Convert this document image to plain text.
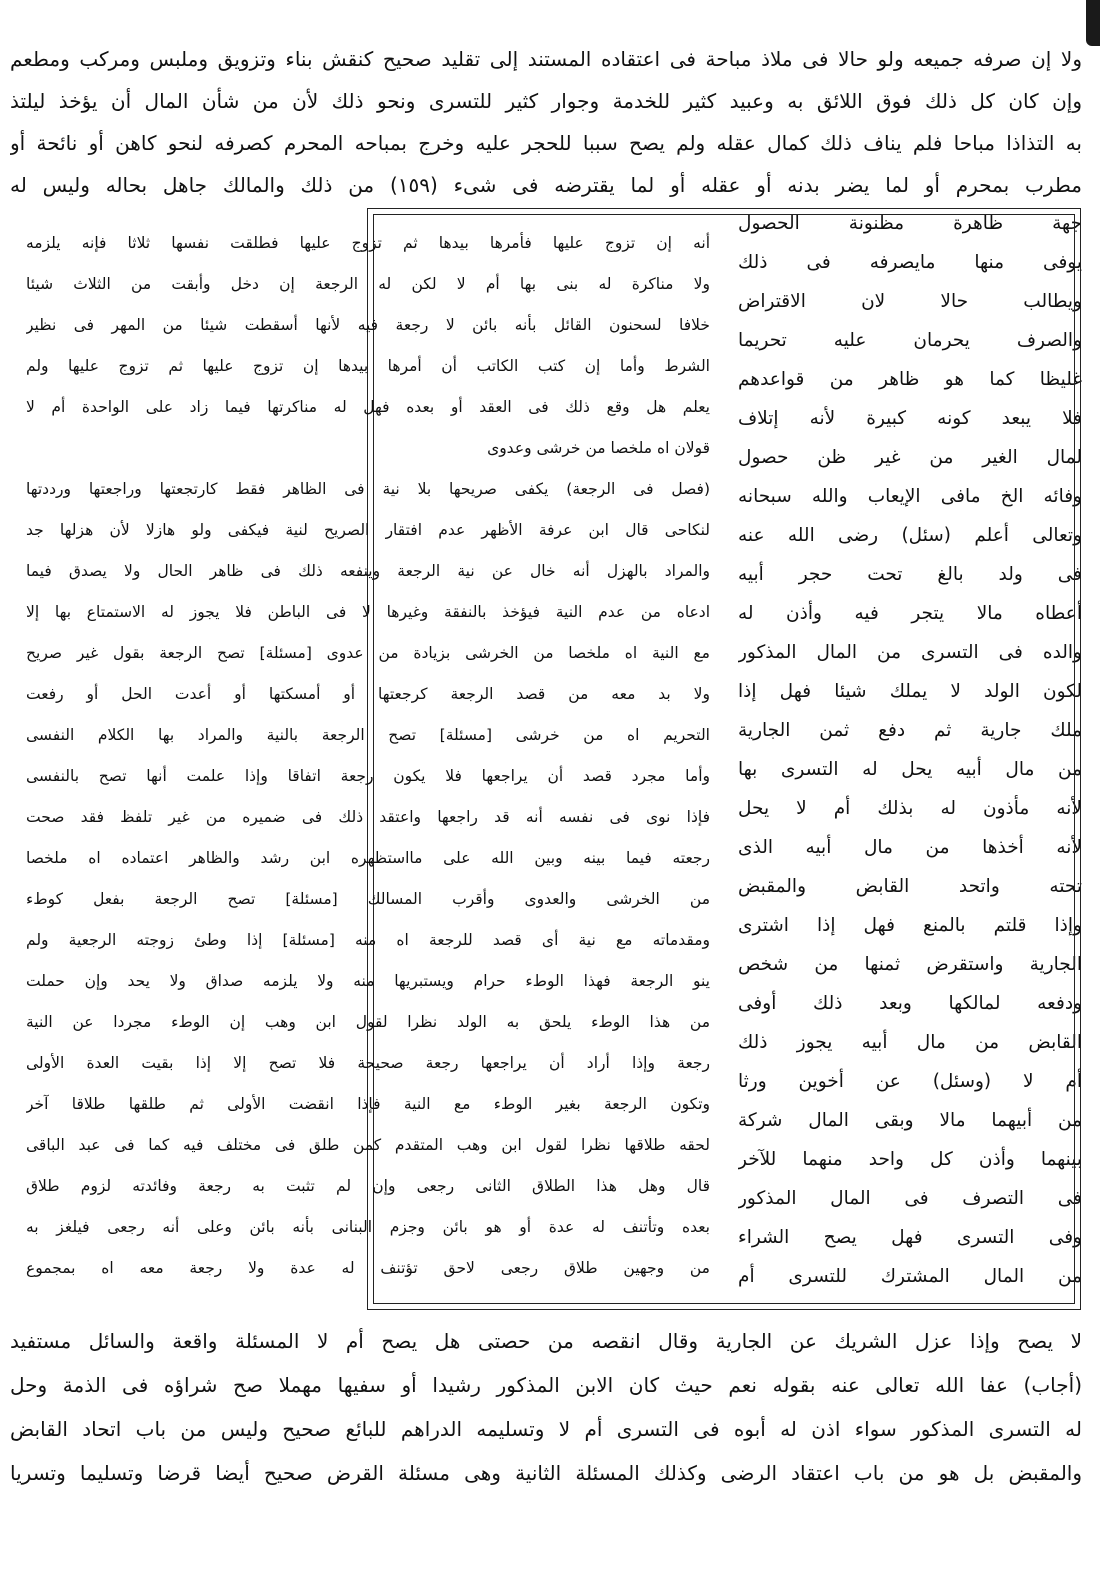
ولا إن صرفه جميعه ولو حالا فى ملاذ مباحة فى اعتقاده المستند إلى تقليد صحيح كنقش بناء وتزويق وملبس ومركب ومطعم
وإن كان كل ذلك فوق اللائق به وعبيد كثير للخدمة وجوار كثير للتسرى ونحو ذلك لأن من شأن المال أن يؤخذ ليلتذ
به التذاذا مباحا فلم يناف ذلك كمال عقله ولم يصح سببا للحجر عليه وخرج بمباحه المحرم كصرفه لنحو كاهن أو نائحة أو
مطرب بمحرم أو لما يضر بدنه أو عقله أو لما يقترضه فى شىء (١٥٩) من ذلك والمالك جاهل بحاله وليس له
جهة ظاهرة مظنونة الحصول
يوفى منها مايصرفه فى ذلك
ويطالب حالا لان الاقتراض
والصرف يحرمان عليه تحريما
غليظا كما هو ظاهر من قواعدهم
فلا يبعد كونه كبيرة لأنه إتلاف
لمال الغير من غير ظن حصول
وفائه الخ مافى الإيعاب والله سبحانه
وتعالى أعلم (سئل) رضى الله عنه
فى ولد بالغ تحت حجر أبيه
أعطاه مالا يتجر فيه وأذن له
والده فى التسرى من المال المذكور
لكون الولد لا يملك شيئا فهل إذا
ملك جارية ثم دفع ثمن الجارية
من مال أبيه يحل له التسرى بها
لأنه مأذون له بذلك أم لا يحل
لأنه أخذها من مال أبيه الذى
تحته واتحد القابض والمقبض
وإذا قلتم بالمنع فهل إذا اشترى
الجارية واستقرض ثمنها من شخص
ودفعه لمالكها وبعد ذلك أوفى
القابض من مال أبيه يجوز ذلك
أم لا (وسئل) عن أخوين ورثا
من أبيهما مالا وبقى المال شركة
بينهما وأذن كل واحد منهما للآخر
فى التصرف فى المال المذكور
وفى التسرى فهل يصح الشراء
من المال المشترك للتسرى أم
أنه إن تزوج عليها فأمرها بيدها ثم تزوج عليها فطلقت نفسها ثلاثا فإنه يلزمه
ولا مناكرة له بنى بها أم لا لكن له الرجعة إن دخل وأبقت من الثلاث شيئا
خلافا لسحنون القائل بأنه بائن لا رجعة فيه لأنها أسقطت شيئا من المهر فى نظير
الشرط وأما إن كتب الكاتب أن أمرها بيدها إن تزوج عليها ثم تزوج عليها ولم
يعلم هل وقع ذلك فى العقد أو بعده فهل له مناكرتها فيما زاد على الواحدة أم لا
قولان اه ملخصا من خرشى وعدوى
(فصل فى الرجعة) يكفى صريحها بلا نية فى الظاهر فقط كارتجعتها وراجعتها ورددتها
لنكاحى قال ابن عرفة الأظهر عدم افتقار الصريح لنية فيكفى ولو هازلا لأن هزلها جد
والمراد بالهزل أنه خال عن نية الرجعة وينفعه ذلك فى ظاهر الحال ولا يصدق فيما
ادعاه من عدم النية فيؤخذ بالنفقة وغيرها لا فى الباطن فلا يجوز له الاستمتاع بها إلا
مع النية اه ملخصا من الخرشى بزيادة من عدوى [مسئلة] تصح الرجعة بقول غير صريح
ولا بد معه من قصد الرجعة كرجعتها أو أمسكتها أو أعدت الحل أو رفعت
التحريم اه من خرشى [مسئلة] تصح الرجعة بالنية والمراد بها الكلام النفسى
وأما مجرد قصد أن يراجعها فلا يكون رجعة اتفاقا وإذا علمت أنها تصح بالنفسى
فإذا نوى فى نفسه أنه قد راجعها واعتقد ذلك فى ضميره من غير تلفظ فقد صحت
رجعته فيما بينه وبين الله على مااستظهره ابن رشد والظاهر اعتماده اه ملخصا
من الخرشى والعدوى وأقرب المسالك [مسئلة] تصح الرجعة بفعل كوطء
ومقدماته مع نية أى قصد للرجعة اه منه [مسئلة] إذا وطئ زوجته الرجعية ولم
ينو الرجعة فهذا الوطء حرام ويستبريها منه ولا يلزمه صداق ولا يحد وإن حملت
من هذا الوطء يلحق به الولد نظرا لقول ابن وهب إن الوطء مجردا عن النية
رجعة وإذا أراد أن يراجعها رجعة صحيحة فلا تصح إلا إذا بقيت العدة الأولى
وتكون الرجعة بغير الوطء مع النية فإذا انقضت الأولى ثم طلقها طلاقا آخر
لحقه طلاقها نظرا لقول ابن وهب المتقدم كمن طلق فى مختلف فيه كما فى عبد الباقى
قال وهل هذا الطلاق الثانى رجعى وإن لم تثبت به رجعة وفائدته لزوم طلاق
بعده وتأتنف له عدة أو هو بائن وجزم البنانى بأنه بائن وعلى أنه رجعى فيلغز به
من وجهين طلاق رجعى لاحق تؤتنف له عدة ولا رجعة معه اه بمجموع
لا يصح وإذا عزل الشريك عن الجارية وقال انقصه من حصتى هل يصح أم لا المسئلة واقعة والسائل مستفيد
(أجاب) عفا الله تعالى عنه بقوله نعم حيث كان الابن المذكور رشيدا أو سفيها مهملا صح شراؤه فى الذمة وحل
له التسرى المذكور سواء اذن له أبوه فى التسرى أم لا وتسليمه الدراهم للبائع صحيح وليس من باب اتحاد القابض
والمقبض بل هو من باب اعتقاد الرضى وكذلك المسئلة الثانية وهى مسئلة القرض صحيح أيضا قرضا وتسليما وتسريا
